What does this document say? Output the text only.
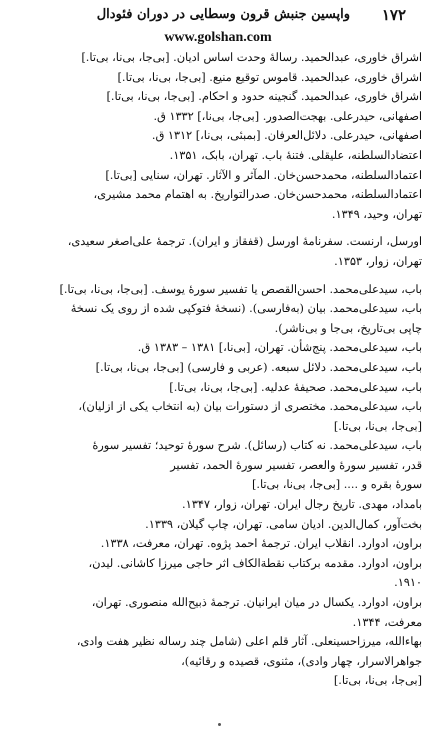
۱۷۲
واپسین جنبش قرون وسطایی در دوران فئودال
www.golshan.com
اشراق خاوری، عبدالحمید. رسالهٔ وحدت اساس ادیان. [بی‌جا، بی‌نا، بی‌تا.]
اشراق خاوری، عبدالحمید. قاموس توقیع منیع. [بی‌جا، بی‌نا، بی‌تا.]
اشراق خاوری، عبدالحمید. گنجینه حدود و احکام. [بی‌جا، بی‌نا، بی‌تا.]
اصفهانی، حیدرعلی. بهجت‌الصدور. [بی‌جا، بی‌نا،] ۱۳۳۲ ق.
اصفهانی، حیدرعلی. دلائل‌العرفان. [بمبئی، بی‌نا،] ۱۳۱۲ ق.
اعتضادالسلطنه، علیقلی. فتنهٔ باب. تهران، بابک، ۱۳۵۱.
اعتمادالسلطنه، محمدحسن‌خان. المآثر و الآثار. تهران، سنایی [بی‌تا.]
اعتمادالسلطنه، محمدحسن‌خان. صدرالتواریخ. به اهتمام محمد مشیری،
تهران، وحید، ۱۳۴۹.
اورسل، ارنست. سفرنامهٔ اورسل (قفقاز و ایران). ترجمهٔ علی‌اصغر سعیدی،
تهران، زوار، ۱۳۵۳.
باب، سیدعلی‌محمد. احسن‌القصص یا تفسیر سورهٔ یوسف. [بی‌جا، بی‌نا، بی‌تا.]
باب، سیدعلی‌محمد. بیان (به‌فارسی). (نسخهٔ فتوکپی شده از روی یک نسخهٔ
چاپی بی‌تاریخ، بی‌جا و بی‌ناشر).
باب، سیدعلی‌محمد. پنج‌شأن. تهران، [بی‌نا،] ۱۳۸۱ – ۱۳۸۳ ق.
باب، سیدعلی‌محمد. دلائل سبعه. (عربی و فارسی) [بی‌جا، بی‌نا، بی‌تا.]
باب، سیدعلی‌محمد. صحیفهٔ عدلیه. [بی‌جا، بی‌نا، بی‌تا.]
باب، سیدعلی‌محمد. مختصری از دستورات بیان (به انتخاب یکی از ازلیان)،
[بی‌جا، بی‌نا، بی‌تا.]
باب، سیدعلی‌محمد. نه کتاب (رسائل). شرح سورهٔ توحید؛ تفسیر سورهٔ
قدر، تفسیر سورهٔ والعصر، تفسیر سورهٔ الحمد، تفسیر
سورهٔ بقره و .... [بی‌جا، بی‌نا، بی‌تا.]
بامداد، مهدی. تاریخ رجال ایران. تهران، زوار، ۱۳۴۷.
بخت‌آور، کمال‌الدین. ادیان سامی. تهران، چاپ گیلان، ۱۳۳۹.
براون، ادوارد. انقلاب ایران. ترجمهٔ احمد پژوه. تهران، معرفت، ۱۳۳۸.
براون، ادوارد. مقدمه برکتاب نقطة‌الکاف اثر حاجی میرزا کاشانی. لیدن،
۱۹۱۰.
براون، ادوارد. یکسال در میان ایرانیان. ترجمهٔ ذبیح‌الله منصوری. تهران،
معرفت، ۱۳۴۴.
بهاءالله، میرزاحسینعلی. آثار قلم اعلی (شامل چند رساله نظیر هفت وادی،
جواهرالاسرار، چهار وادی)، مثنوی، قصیده و رقائیه)،
[بی‌جا، بی‌نا، بی‌تا.]
